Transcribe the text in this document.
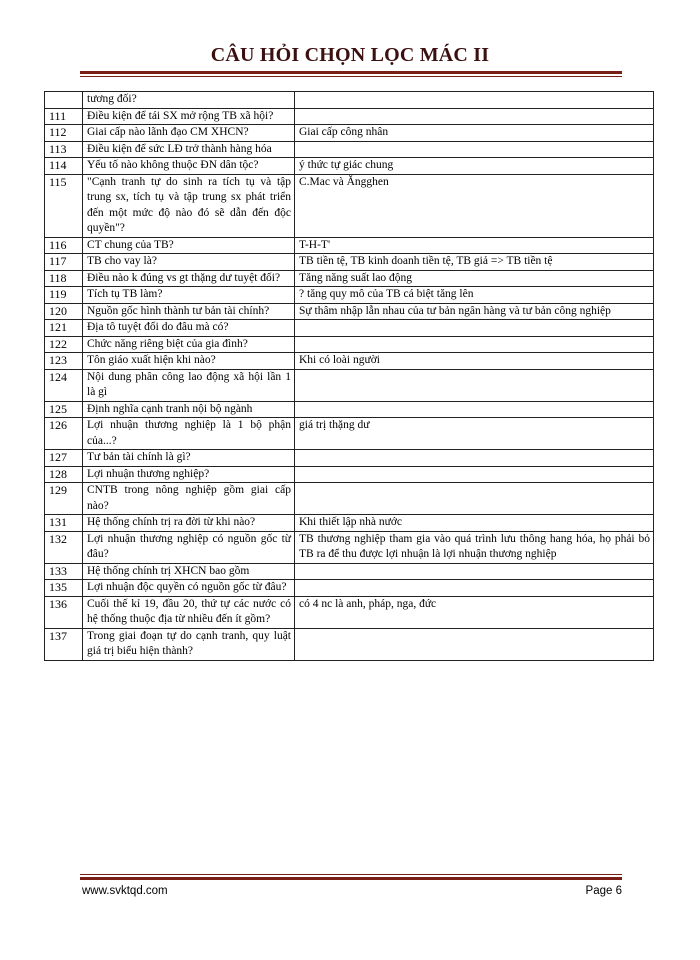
CÂU HỎI CHỌN LỌC MÁC II
	tương đối?	
111	Điều kiện để tái SX mở rộng TB xã hội?	
112	Giai cấp nào lãnh đạo CM XHCN?	Giai cấp công nhân
113	Điều kiện để sức LĐ trở thành hàng hóa	
114	Yếu tố nào không thuộc ĐN dân tộc?	ý thức tự giác chung
115	"Cạnh tranh tự do sinh ra tích tụ và tập trung sx, tích tụ và tập trung sx phát triển đến một mức độ nào đó sẽ dẫn đến độc quyền"?	C.Mac và Ăngghen
116	CT chung của TB?	T-H-T'
117	TB cho vay là?	TB tiền tệ, TB kinh doanh tiền tệ, TB giả => TB tiền tệ
118	Điều nào k đúng vs gt thặng dư tuyệt đối?	Tăng năng suất lao động
119	Tích tụ TB làm?	? tăng quy mô của TB cá biệt tăng lên
120	Nguồn gốc hình thành tư bản tài chính?	Sự thâm nhập lẫn nhau của tư bản ngân hàng và tư bản công nghiệp
121	Địa tô tuyệt đối do đâu mà có?	
122	Chức năng riêng biệt của gia đình?	
123	Tôn giáo xuất hiện khi nào?	Khi có loài người
124	Nội dung phân công lao động xã hội lần 1 là gì	
125	Định nghĩa cạnh tranh nội bộ ngành	
126	Lợi nhuận thương nghiệp là 1 bộ phận của...?	giá trị thặng dư
127	Tư bản tài chính là gì?	
128	Lợi nhuận thương nghiệp?	
129	CNTB trong nông nghiệp gồm giai cấp nào?	
131	Hệ thống chính trị ra đời từ khi nào?	Khi thiết lập nhà nước
132	Lợi nhuận thương nghiệp có nguồn gốc từ đâu?	TB thương nghiệp tham gia vào quá trình lưu thông hang hóa, họ phải bỏ TB ra để thu được lợi nhuận là lợi nhuận thương nghiệp
133	Hệ thống chính trị XHCN bao gồm	
135	Lợi nhuận độc quyền có nguồn gốc từ đâu?	
136	Cuối thế kỉ 19, đầu 20, thứ tự các nước có hệ thống thuộc địa từ nhiều đến ít gồm?	có 4 nc là anh, pháp, nga, đức
137	Trong giai đoạn tự do cạnh tranh, quy luật giá trị biểu hiện thành?	
www.svktqd.com	Page 6
